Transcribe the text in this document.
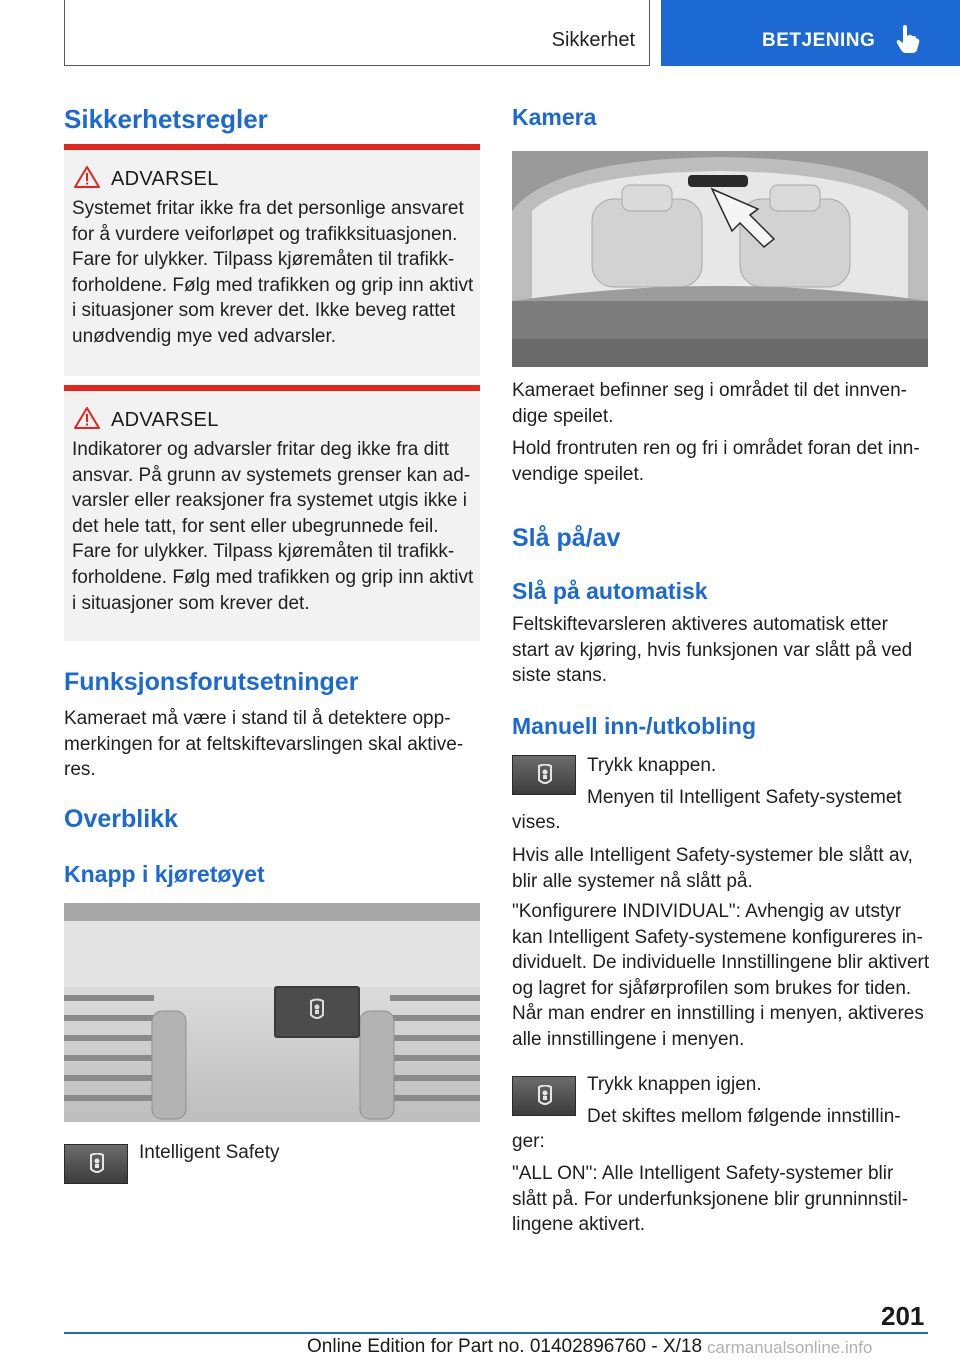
Sikkerhet	BETJENING
Sikkerhetsregler
ADVARSEL
Systemet fritar ikke fra det personlige ansvaret
for å vurdere veiforløpet og trafikksituasjonen.
Fare for ulykker. Tilpass kjøremåten til trafikk-
forholdene. Følg med trafikken og grip inn aktivt
i situasjoner som krever det. Ikke beveg rattet
unødvendig mye ved advarsler.
ADVARSEL
Indikatorer og advarsler fritar deg ikke fra ditt
ansvar. På grunn av systemets grenser kan ad-
varsler eller reaksjoner fra systemet utgis ikke i
det hele tatt, for sent eller ubegrunnede feil.
Fare for ulykker. Tilpass kjøremåten til trafikk-
forholdene. Følg med trafikken og grip inn aktivt
i situasjoner som krever det.
Funksjonsforutsetninger
Kameraet må være i stand til å detektere opp-
merkingen for at feltskiftevarslingen skal aktive-
res.
Overblikk
Knapp i kjøretøyet
Intelligent Safety
Kamera
Kameraet befinner seg i området til det innven-
dige speilet.
Hold frontruten ren og fri i området foran det inn-
vendige speilet.
Slå på/av
Slå på automatisk
Feltskiftevarsleren aktiveres automatisk etter
start av kjøring, hvis funksjonen var slått på ved
siste stans.
Manuell inn-/utkobling
Trykk knappen.
Menyen til Intelligent Safety-systemet
vises.
Hvis alle Intelligent Safety-systemer ble slått av,
blir alle systemer nå slått på.
"Konfigurere INDIVIDUAL": Avhengig av utstyr
kan Intelligent Safety-systemene konfigureres in-
dividuelt. De individuelle Innstillingene blir aktivert
og lagret for sjåførprofilen som brukes for tiden.
Når man endrer en innstilling i menyen, aktiveres
alle innstillingene i menyen.
Trykk knappen igjen.
Det skiftes mellom følgende innstillin-
ger:
"ALL ON": Alle Intelligent Safety-systemer blir
slått på. For underfunksjonene blir grunninnstil-
lingene aktivert.
201
Online Edition for Part no. 01402896760 - X/18 carmanualsonline.info
